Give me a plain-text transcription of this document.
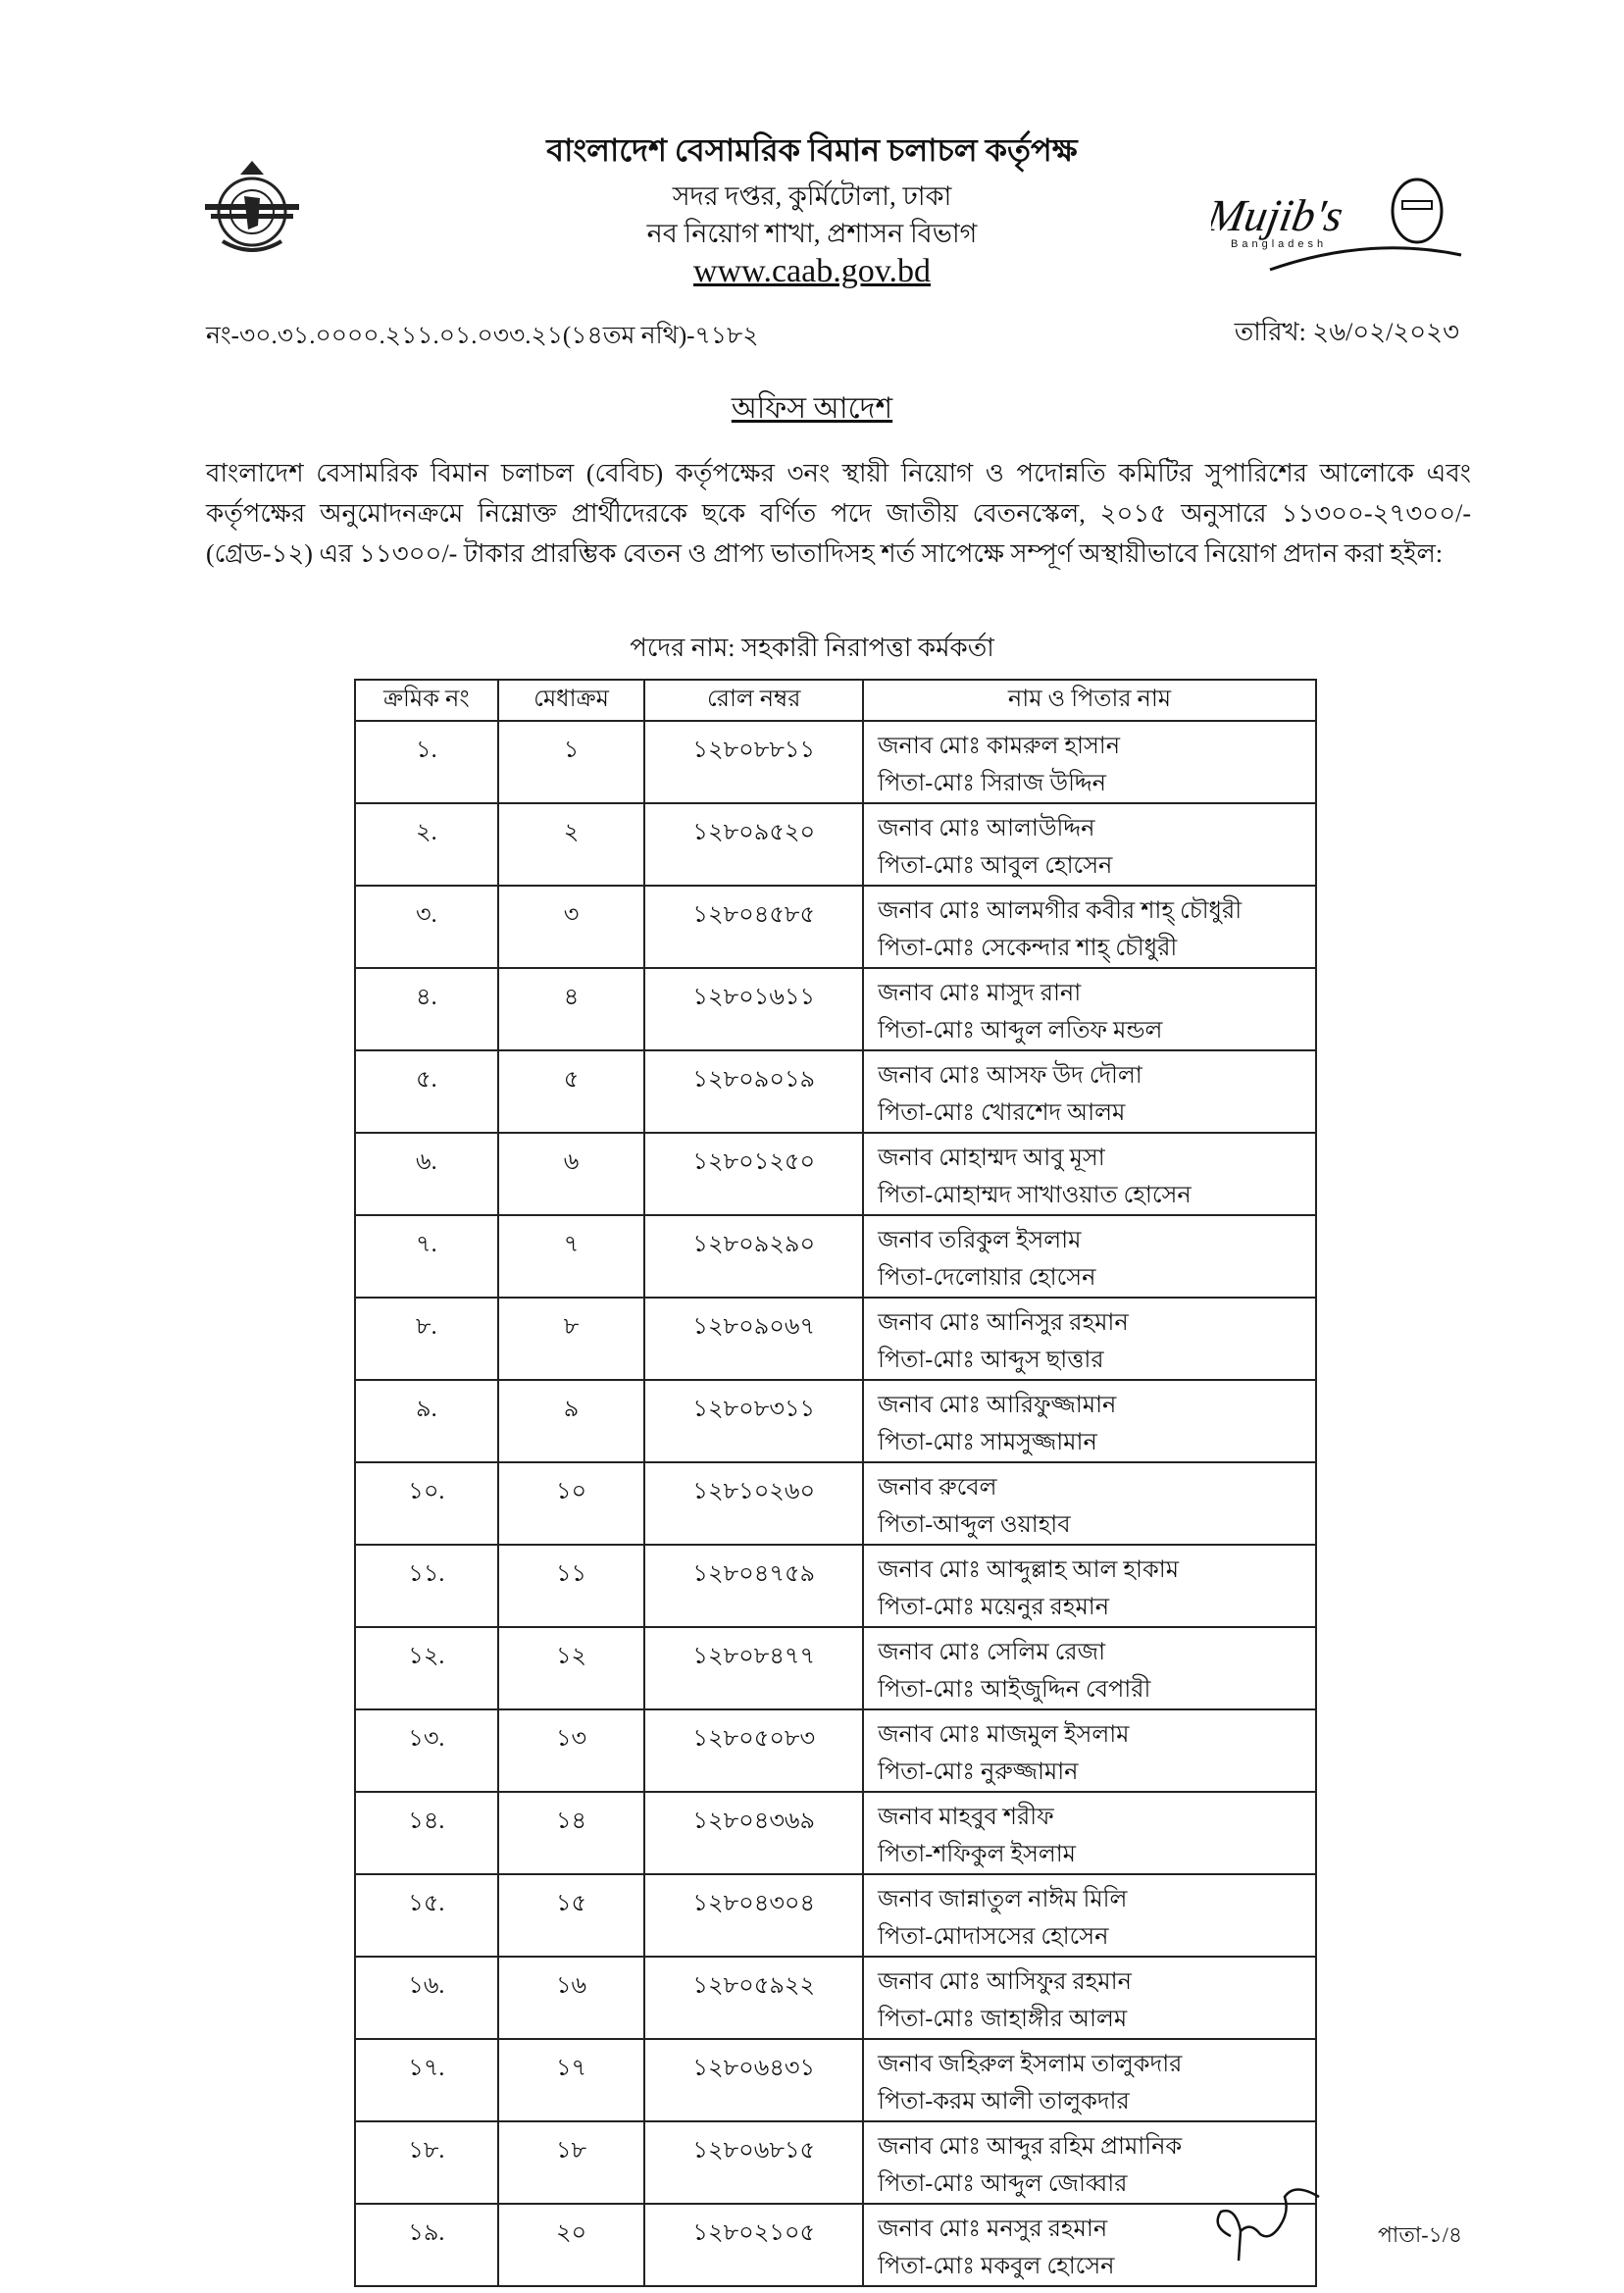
Mujib's
Bangladesh
বাংলাদেশ বেসামরিক বিমান চলাচল কর্তৃপক্ষ
সদর দপ্তর, কুর্মিটোলা, ঢাকা
নব নিয়োগ শাখা, প্রশাসন বিভাগ
www.caab.gov.bd
নং-৩০.৩১.০০০০.২১১.০১.০৩৩.২১(১৪তম নথি)-৭১৮২	তারিখ: ২৬/০২/২০২৩
অফিস আদেশ
বাংলাদেশ বেসামরিক বিমান চলাচল (বেবিচ) কর্তৃপক্ষের ৩নং স্থায়ী নিয়োগ ও পদোন্নতি কমিটির সুপারিশের আলোকে এবং কর্তৃপক্ষের অনুমোদনক্রমে নিম্নোক্ত প্রার্থীদেরকে ছকে বর্ণিত পদে জাতীয় বেতনস্কেল, ২০১৫ অনুসারে ১১৩০০-২৭৩০০/- (গ্রেড-১২) এর ১১৩০০/- টাকার প্রারম্ভিক বেতন ও প্রাপ্য ভাতাদিসহ শর্ত সাপেক্ষে সম্পূর্ণ অস্থায়ীভাবে নিয়োগ প্রদান করা হইল:
পদের নাম: সহকারী নিরাপত্তা কর্মকর্তা
ক্রমিক নং	মেধাক্রম	রোল নম্বর	নাম ও পিতার নাম
১.	১	১২৮০৮৮১১	জনাব মোঃ কামরুল হাসান
পিতা-মোঃ সিরাজ উদ্দিন

২.	২	১২৮০৯৫২০	জনাব মোঃ আলাউদ্দিন
পিতা-মোঃ আবুল হোসেন

৩.	৩	১২৮০৪৫৮৫	জনাব মোঃ আলমগীর কবীর শাহ্ চৌধুরী
পিতা-মোঃ সেকেন্দার শাহ্ চৌধুরী

৪.	৪	১২৮০১৬১১	জনাব মোঃ মাসুদ রানা
পিতা-মোঃ আব্দুল লতিফ মন্ডল

৫.	৫	১২৮০৯০১৯	জনাব মোঃ আসফ উদ দৌলা
পিতা-মোঃ খোরশেদ আলম

৬.	৬	১২৮০১২৫০	জনাব মোহাম্মদ আবু মূসা
পিতা-মোহাম্মদ সাখাওয়াত হোসেন

৭.	৭	১২৮০৯২৯০	জনাব তরিকুল ইসলাম
পিতা-দেলোয়ার হোসেন

৮.	৮	১২৮০৯০৬৭	জনাব মোঃ আনিসুর রহমান
পিতা-মোঃ আব্দুস ছাত্তার

৯.	৯	১২৮০৮৩১১	জনাব মোঃ আরিফুজ্জামান
পিতা-মোঃ সামসুজ্জামান

১০.	১০	১২৮১০২৬০	জনাব রুবেল
পিতা-আব্দুল ওয়াহাব

১১.	১১	১২৮০৪৭৫৯	জনাব মোঃ আব্দুল্লাহ আল হাকাম
পিতা-মোঃ ময়েনুর রহমান

১২.	১২	১২৮০৮৪৭৭	জনাব মোঃ সেলিম রেজা
পিতা-মোঃ আইজুদ্দিন বেপারী

১৩.	১৩	১২৮০৫০৮৩	জনাব মোঃ মাজমুল ইসলাম
পিতা-মোঃ নুরুজ্জামান

১৪.	১৪	১২৮০৪৩৬৯	জনাব মাহবুব শরীফ
পিতা-শফিকুল ইসলাম

১৫.	১৫	১২৮০৪৩০৪	জনাব জান্নাতুল নাঈম মিলি
পিতা-মোদাসসের হোসেন

১৬.	১৬	১২৮০৫৯২২	জনাব মোঃ আসিফুর রহমান
পিতা-মোঃ জাহাঙ্গীর আলম

১৭.	১৭	১২৮০৬৪৩১	জনাব জহিরুল ইসলাম তালুকদার
পিতা-করম আলী তালুকদার

১৮.	১৮	১২৮০৬৮১৫	জনাব মোঃ আব্দুর রহিম প্রামানিক
পিতা-মোঃ আব্দুল জোব্বার

১৯.	২০	১২৮০২১০৫	জনাব মোঃ মনসুর রহমান
পিতা-মোঃ মকবুল হোসেন
পাতা-১/৪
